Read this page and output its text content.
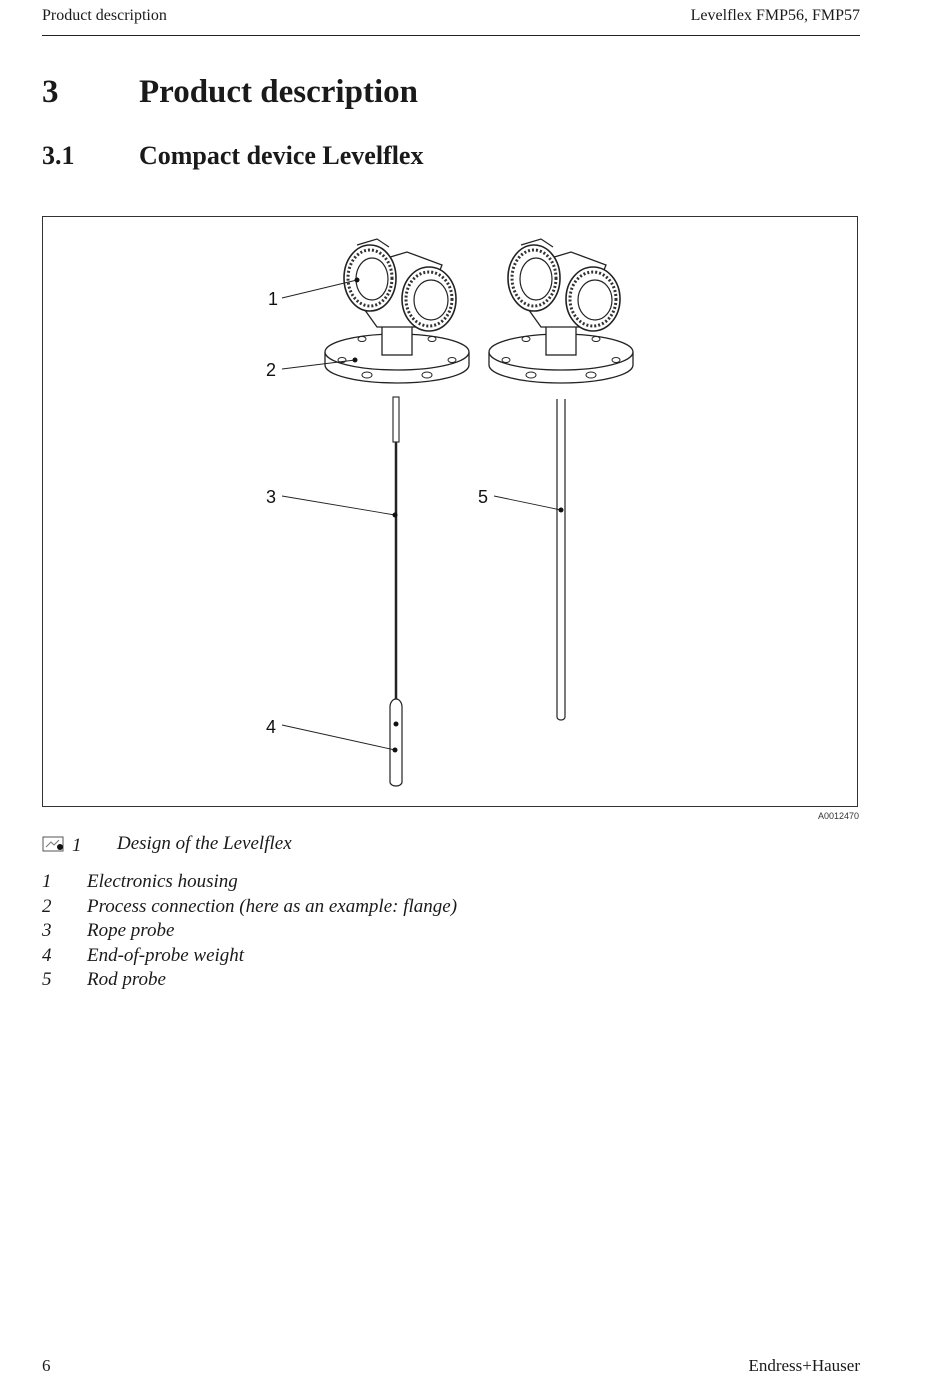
Product description	Levelflex FMP56, FMP57
3 Product description
3.1 Compact device Levelflex
1
2
3
4
5
A0012470
1 Design of the Levelflex
1 Electronics housing
2 Process connection (here as an example: flange)
3 Rope probe
4 End-of-probe weight
5 Rod probe
6	Endress+Hauser
